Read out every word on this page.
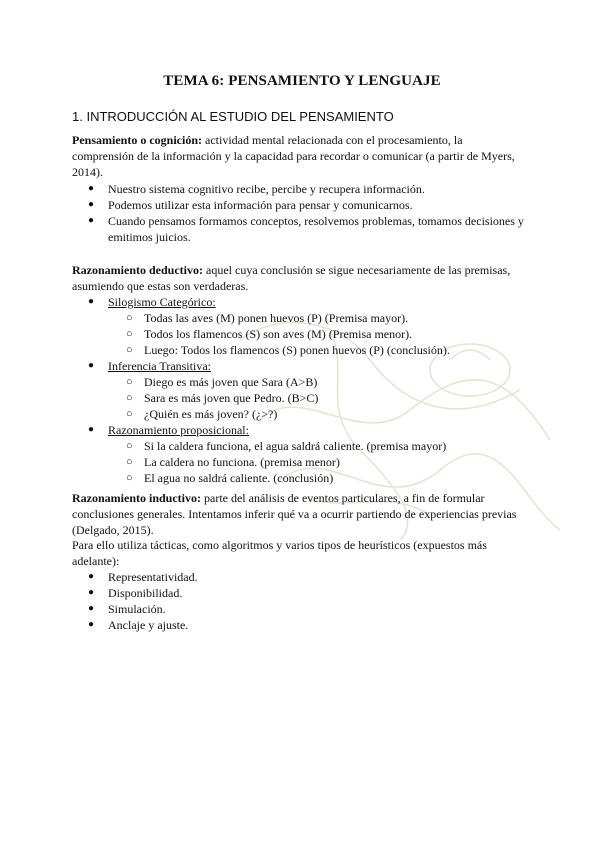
TEMA 6: PENSAMIENTO Y LENGUAJE
1. INTRODUCCIÓN AL ESTUDIO DEL PENSAMIENTO
Pensamiento o cognición: actividad mental relacionada con el procesamiento, la comprensión de la información y la capacidad para recordar o comunicar (a partir de Myers, 2014).
● Nuestro sistema cognitivo recibe, percibe y recupera información.
● Podemos utilizar esta información para pensar y comunicarnos.
● Cuando pensamos formamos conceptos, resolvemos problemas, tomamos decisiones y emitimos juicios.
Razonamiento deductivo: aquel cuya conclusión se sigue necesariamente de las premisas, asumiendo que estas son verdaderas.
● Silogismo Categórico:
○ Todas las aves (M) ponen huevos (P) (Premisa mayor).
○ Todos los flamencos (S) son aves (M) (Premisa menor).
○ Luego: Todos los flamencos (S) ponen huevos (P) (conclusión).
● Inferencia Transitiva:
○ Diego es más joven que Sara (A>B)
○ Sara es más joven que Pedro. (B>C)
○ ¿Quién es más joven? (¿>?)
● Razonamiento proposicional:
○ Si la caldera funciona, el agua saldrá caliente. (premisa mayor)
○ La caldera no funciona. (premisa menor)
○ El agua no saldrá caliente. (conclusión)
Razonamiento inductivo: parte del análisis de eventos particulares, a fin de formular conclusiones generales. Intentamos inferir qué va a ocurrir partiendo de experiencias previas (Delgado, 2015).
Para ello utiliza tácticas, como algoritmos y varios tipos de heurísticos (expuestos más adelante):
● Representatividad.
● Disponibilidad.
● Simulación.
● Anclaje y ajuste.
